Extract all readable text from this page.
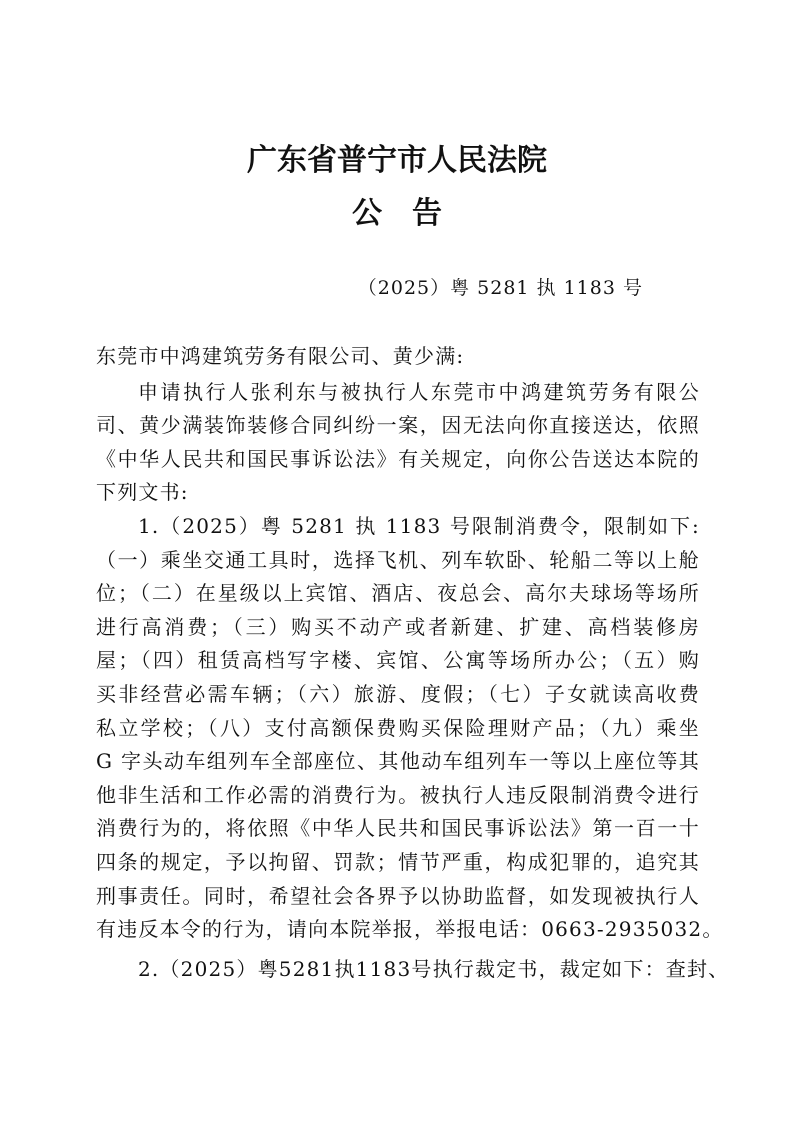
广东省普宁市人民法院
公 告
（2025）粤 5281 执 1183 号
东莞市中鸿建筑劳务有限公司、黄少满:
申请执行人张利东与被执行人东莞市中鸿建筑劳务有限公
司、黄少满装饰装修合同纠纷一案，因无法向你直接送达，依照
《中华人民共和国民事诉讼法》有关规定，向你公告送达本院的
下列文书:
1.（2025）粤 5281 执 1183 号限制消费令，限制如下:
（一）乘坐交通工具时，选择飞机、列车软卧、轮船二等以上舱
位；（二）在星级以上宾馆、酒店、夜总会、高尔夫球场等场所
进行高消费；（三）购买不动产或者新建、扩建、高档装修房
屋；（四）租赁高档写字楼、宾馆、公寓等场所办公；（五）购
买非经营必需车辆；（六）旅游、度假；（七）子女就读高收费
私立学校；（八）支付高额保费购买保险理财产品；（九）乘坐
G 字头动车组列车全部座位、其他动车组列车一等以上座位等其
他非生活和工作必需的消费行为。被执行人违反限制消费令进行
消费行为的，将依照《中华人民共和国民事诉讼法》第一百一十
四条的规定，予以拘留、罚款；情节严重，构成犯罪的，追究其
刑事责任。同时，希望社会各界予以协助监督，如发现被执行人
有违反本令的行为，请向本院举报，举报电话：0663-2935032。
2.（2025）粤5281执1183号执行裁定书，裁定如下：查封、
